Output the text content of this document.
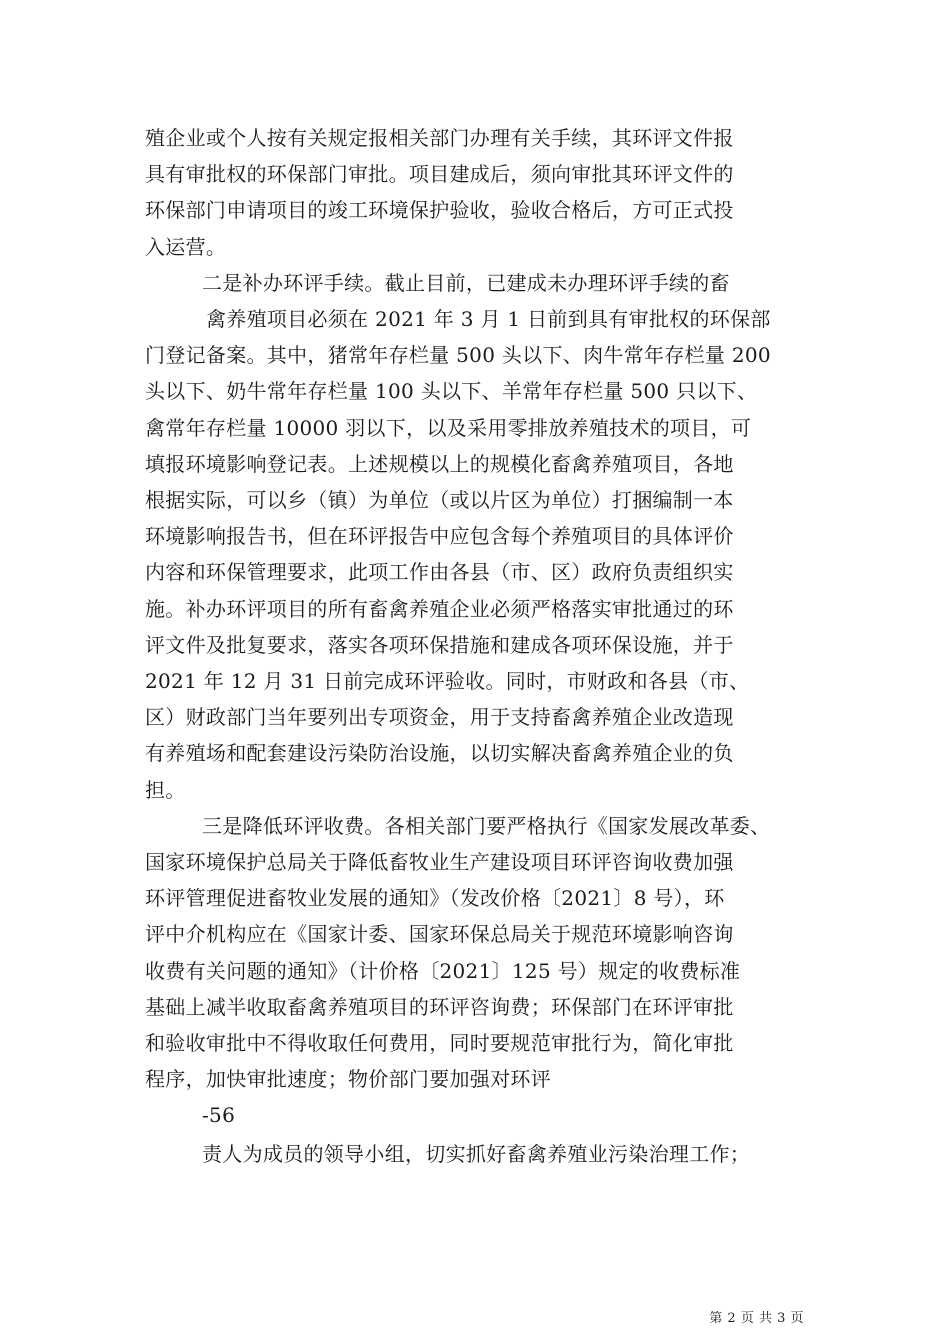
殖企业或个人按有关规定报相关部门办理有关手续，其环评文件报

具有审批权的环保部门审批。项目建成后，须向审批其环评文件的

环保部门申请项目的竣工环境保护验收，验收合格后，方可正式投

入运营。

二是补办环评手续。截止目前，已建成未办理环评手续的畜

禽养殖项目必须在 2021 年 3 月 1 日前到具有审批权的环保部

门登记备案。其中，猪常年存栏量 500 头以下、肉牛常年存栏量 200

头以下、奶牛常年存栏量 100 头以下、羊常年存栏量 500 只以下、

禽常年存栏量 10000 羽以下，以及采用零排放养殖技术的项目，可

填报环境影响登记表。上述规模以上的规模化畜禽养殖项目，各地

根据实际，可以乡（镇）为单位（或以片区为单位）打捆编制一本

环境影响报告书，但在环评报告中应包含每个养殖项目的具体评价

内容和环保管理要求，此项工作由各县（市、区）政府负责组织实

施。补办环评项目的所有畜禽养殖企业必须严格落实审批通过的环

评文件及批复要求，落实各项环保措施和建成各项环保设施，并于

2021 年 12 月 31 日前完成环评验收。同时，市财政和各县（市、

区）财政部门当年要列出专项资金，用于支持畜禽养殖企业改造现

有养殖场和配套建设污染防治设施，以切实解决畜禽养殖企业的负

担。

三是降低环评收费。各相关部门要严格执行《国家发展改革委、

国家环境保护总局关于降低畜牧业生产建设项目环评咨询收费加强

环评管理促进畜牧业发展的通知》（发改价格〔2021〕8 号），环

评中介机构应在《国家计委、国家环保总局关于规范环境影响咨询

收费有关问题的通知》（计价格〔2021〕125 号）规定的收费标准

基础上减半收取畜禽养殖项目的环评咨询费；环保部门在环评审批

和验收审批中不得收取任何费用，同时要规范审批行为，简化审批

程序，加快审批速度；物价部门要加强对环评

-56

责人为成员的领导小组，切实抓好畜禽养殖业污染治理工作；

第 2 页 共 3 页
